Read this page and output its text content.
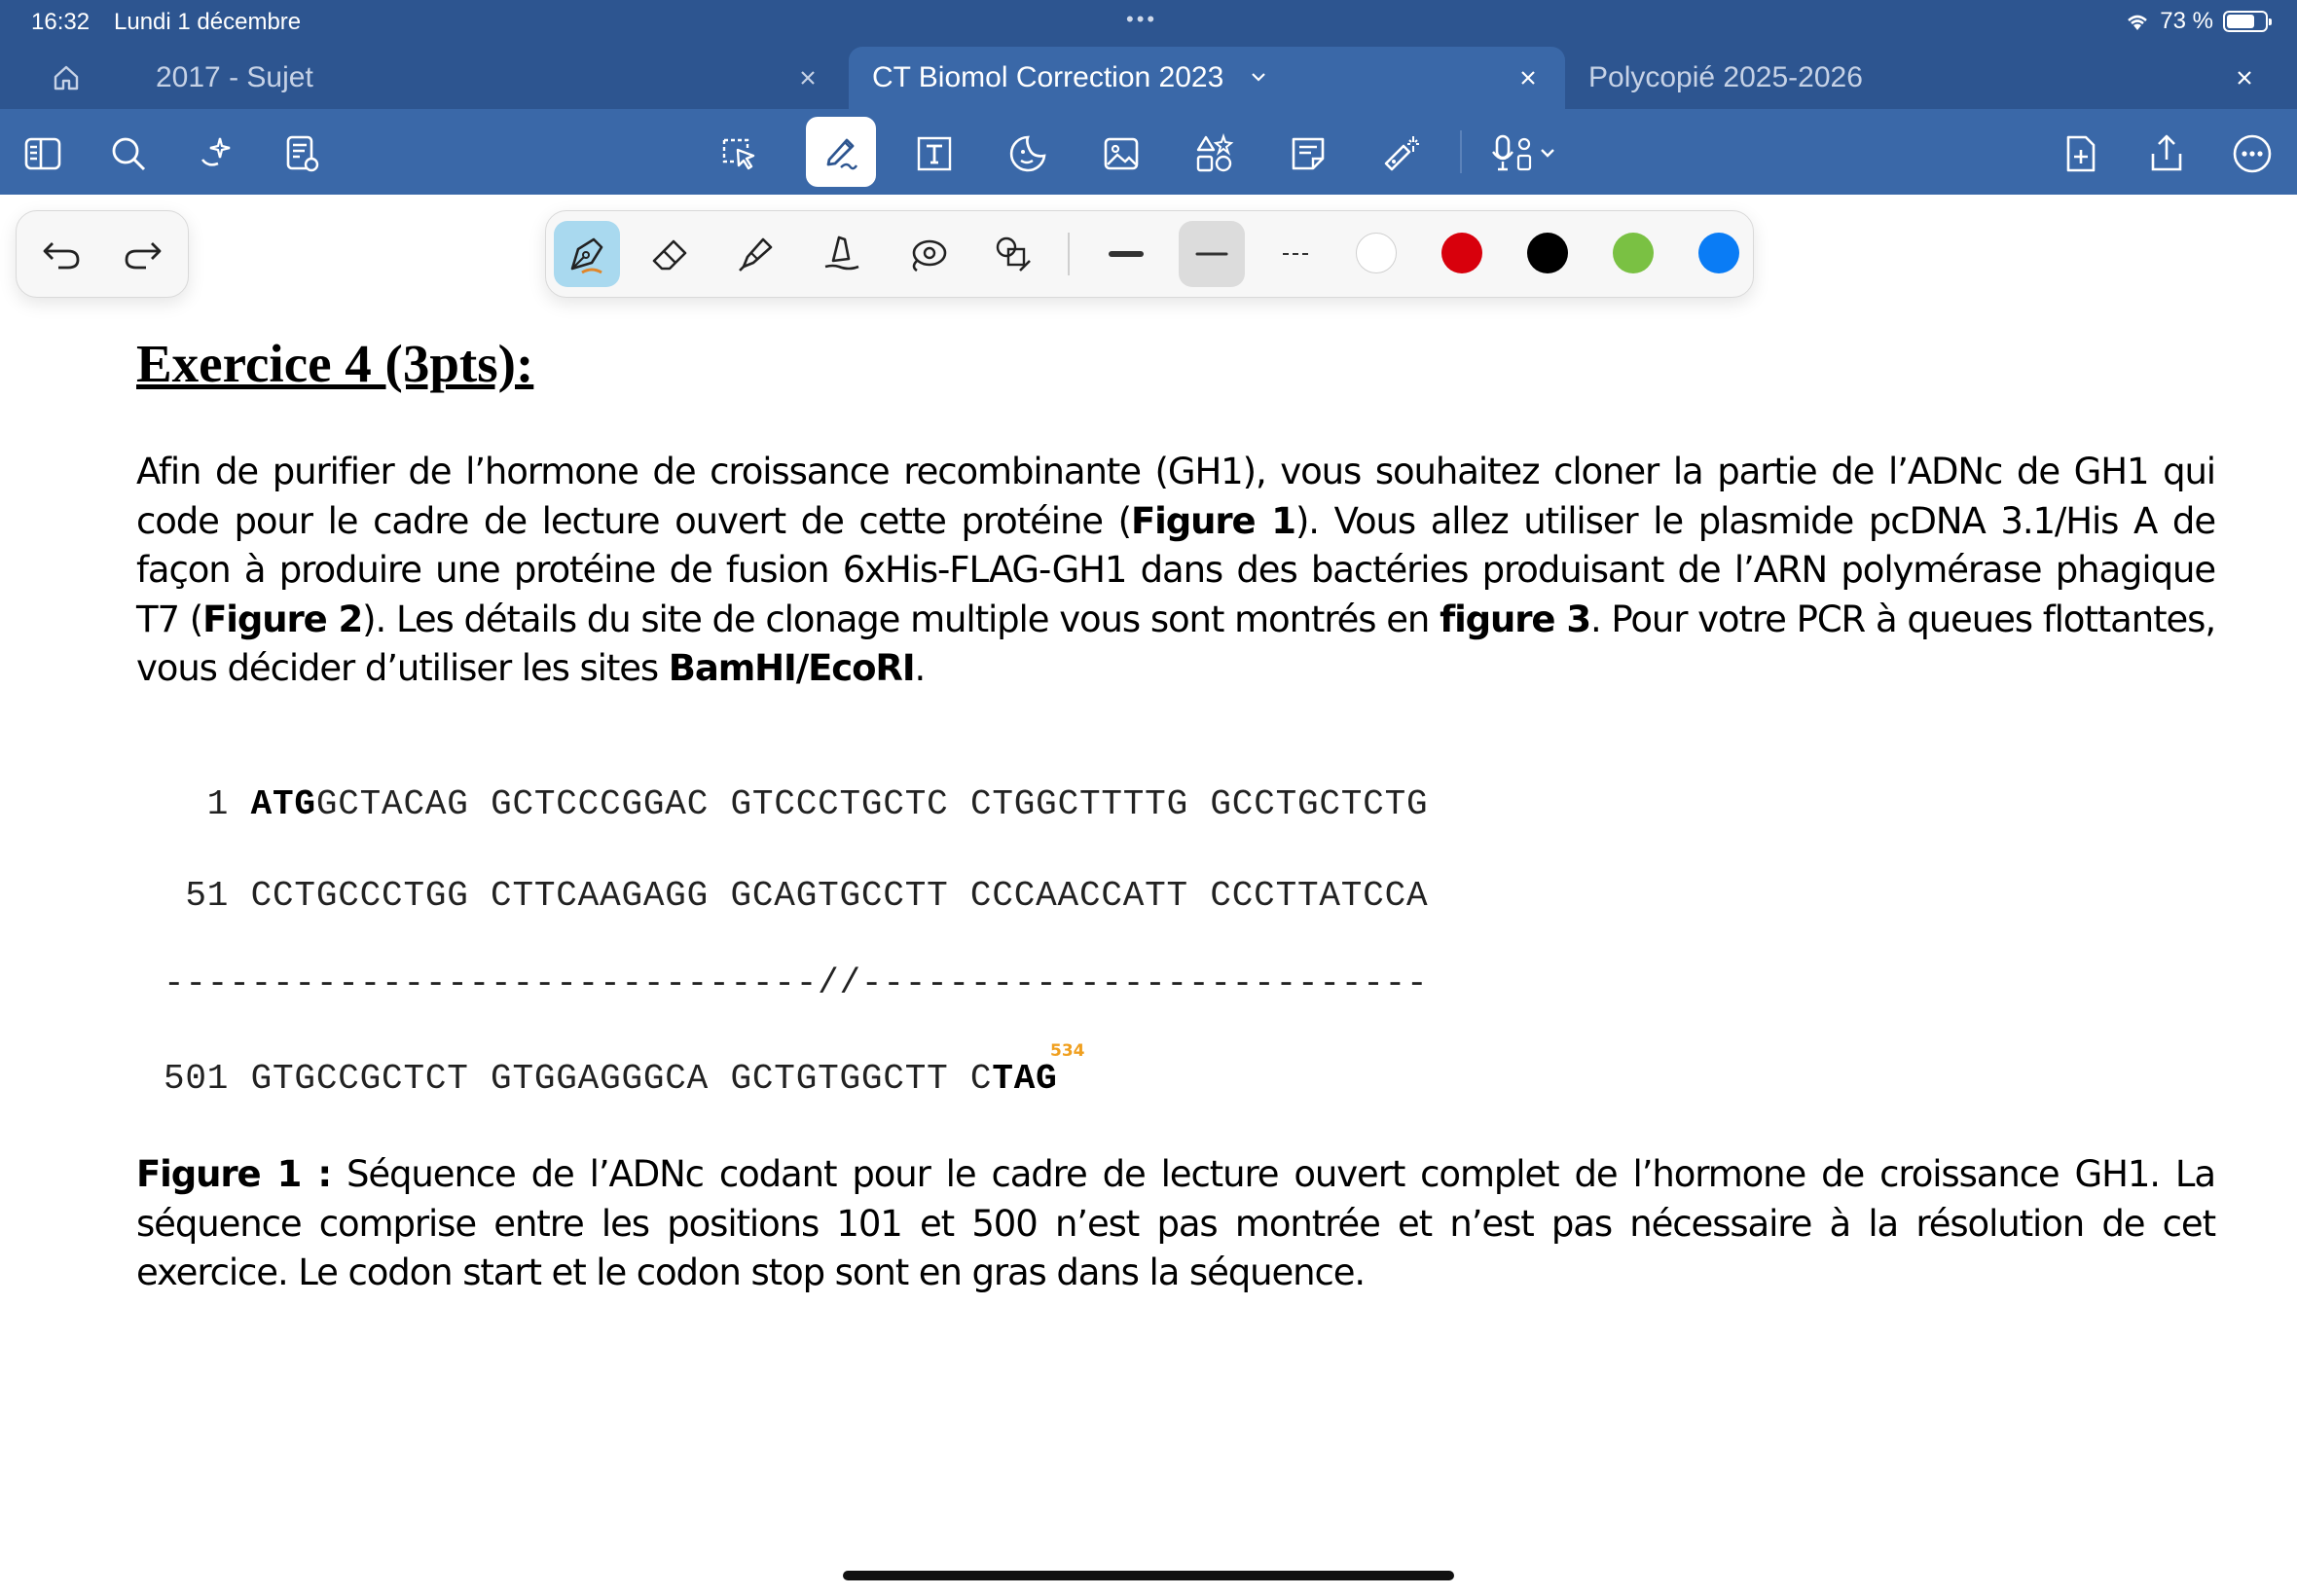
16:32 Lundi 1 décembre	•••	73 %
2017 - Sujet	CT Biomol Correction 2023	Polycopié 2025-2026
Exercice 4 (3pts):
Afin de purifier de l’hormone de croissance recombinante (GH1), vous souhaitez cloner la partie de l’ADNc de GH1 qui code pour le cadre de lecture ouvert de cette protéine (Figure 1). Vous allez utiliser le plasmide pcDNA 3.1/His A de façon à produire une protéine de fusion 6xHis-FLAG-GH1 dans des bactéries produisant de l’ARN polymérase phagique T7 (Figure 2). Les détails du site de clonage multiple vous sont montrés en figure 3. Pour votre PCR à queues flottantes, vous décider d’utiliser les sites BamHI/EcoRI.
1 ATGGCTACAG GCTCCCGGAC GTCCCTGCTC CTGGCTTTTG GCCTGCTCTG
51 CCTGCCCTGG CTTCAAGAGG GCAGTGCCTT CCCAACCATT CCCTTATCCA
------------------------------//--------------------------
534
501 GTGCCGCTCT GTGGAGGGCA GCTGTGGCTT CTAG
Figure 1 : Séquence de l’ADNc codant pour le cadre de lecture ouvert complet de l’hormone de croissance GH1. La séquence comprise entre les positions 101 et 500 n’est pas montrée et n’est pas nécessaire à la résolution de cet exercice. Le codon start et le codon stop sont en gras dans la séquence.
